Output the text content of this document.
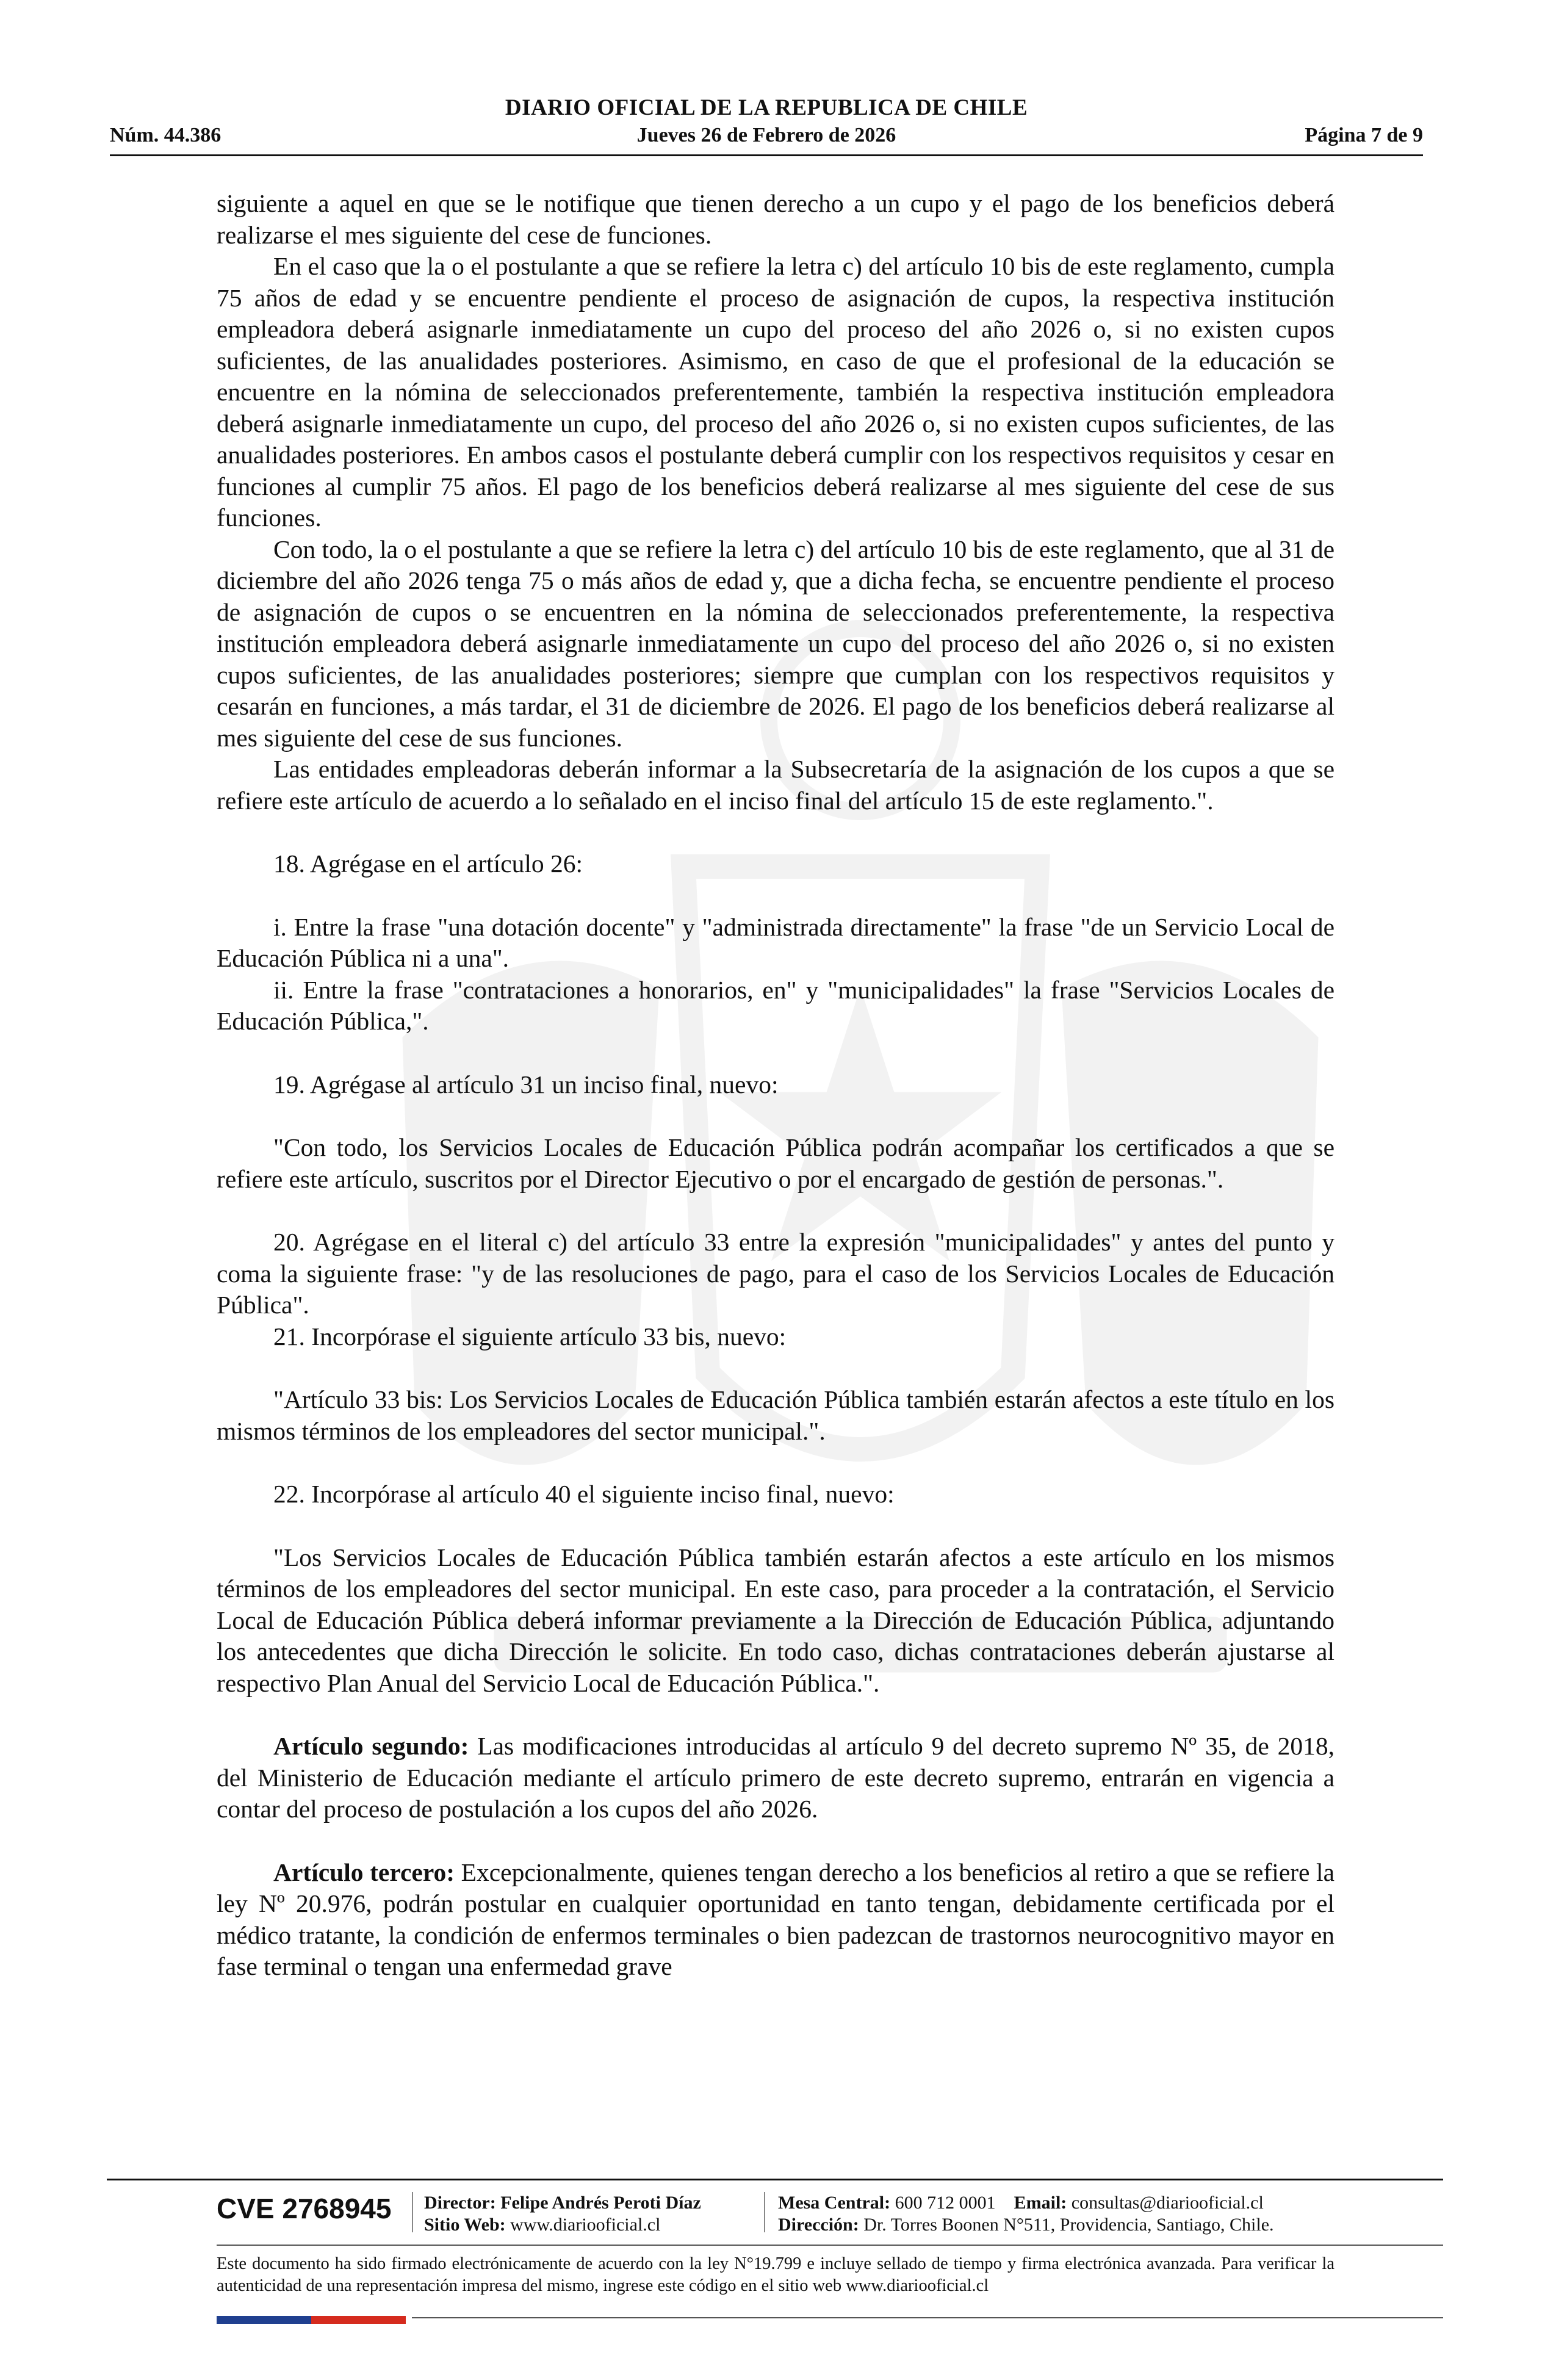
DIARIO OFICIAL DE LA REPUBLICA DE CHILE
Núm. 44.386	Jueves 26 de Febrero de 2026	Página 7 de 9

siguiente a aquel en que se le notifique que tienen derecho a un cupo y el pago de los beneficios deberá realizarse el mes siguiente del cese de funciones.

En el caso que la o el postulante a que se refiere la letra c) del artículo 10 bis de este reglamento, cumpla 75 años de edad y se encuentre pendiente el proceso de asignación de cupos, la respectiva institución empleadora deberá asignarle inmediatamente un cupo del proceso del año 2026 o, si no existen cupos suficientes, de las anualidades posteriores. Asimismo, en caso de que el profesional de la educación se encuentre en la nómina de seleccionados preferentemente, también la respectiva institución empleadora deberá asignarle inmediatamente un cupo, del proceso del año 2026 o, si no existen cupos suficientes, de las anualidades posteriores. En ambos casos el postulante deberá cumplir con los respectivos requisitos y cesar en funciones al cumplir 75 años. El pago de los beneficios deberá realizarse al mes siguiente del cese de sus funciones.

Con todo, la o el postulante a que se refiere la letra c) del artículo 10 bis de este reglamento, que al 31 de diciembre del año 2026 tenga 75 o más años de edad y, que a dicha fecha, se encuentre pendiente el proceso de asignación de cupos o se encuentren en la nómina de seleccionados preferentemente, la respectiva institución empleadora deberá asignarle inmediatamente un cupo del proceso del año 2026 o, si no existen cupos suficientes, de las anualidades posteriores; siempre que cumplan con los respectivos requisitos y cesarán en funciones, a más tardar, el 31 de diciembre de 2026. El pago de los beneficios deberá realizarse al mes siguiente del cese de sus funciones.

Las entidades empleadoras deberán informar a la Subsecretaría de la asignación de los cupos a que se refiere este artículo de acuerdo a lo señalado en el inciso final del artículo 15 de este reglamento.".

18. Agrégase en el artículo 26:

i. Entre la frase "una dotación docente" y "administrada directamente" la frase "de un Servicio Local de Educación Pública ni a una".

ii. Entre la frase "contrataciones a honorarios, en" y "municipalidades" la frase "Servicios Locales de Educación Pública,".

19. Agrégase al artículo 31 un inciso final, nuevo:

"Con todo, los Servicios Locales de Educación Pública podrán acompañar los certificados a que se refiere este artículo, suscritos por el Director Ejecutivo o por el encargado de gestión de personas.".

20. Agrégase en el literal c) del artículo 33 entre la expresión "municipalidades" y antes del punto y coma la siguiente frase: "y de las resoluciones de pago, para el caso de los Servicios Locales de Educación Pública".

21. Incorpórase el siguiente artículo 33 bis, nuevo:

"Artículo 33 bis: Los Servicios Locales de Educación Pública también estarán afectos a este título en los mismos términos de los empleadores del sector municipal.".

22. Incorpórase al artículo 40 el siguiente inciso final, nuevo:

"Los Servicios Locales de Educación Pública también estarán afectos a este artículo en los mismos términos de los empleadores del sector municipal. En este caso, para proceder a la contratación, el Servicio Local de Educación Pública deberá informar previamente a la Dirección de Educación Pública, adjuntando los antecedentes que dicha Dirección le solicite. En todo caso, dichas contrataciones deberán ajustarse al respectivo Plan Anual del Servicio Local de Educación Pública.".

Artículo segundo: Las modificaciones introducidas al artículo 9 del decreto supremo Nº 35, de 2018, del Ministerio de Educación mediante el artículo primero de este decreto supremo, entrarán en vigencia a contar del proceso de postulación a los cupos del año 2026.

Artículo tercero: Excepcionalmente, quienes tengan derecho a los beneficios al retiro a que se refiere la ley Nº 20.976, podrán postular en cualquier oportunidad en tanto tengan, debidamente certificada por el médico tratante, la condición de enfermos terminales o bien padezcan de trastornos neurocognitivo mayor en fase terminal o tengan una enfermedad grave

CVE 2768945 Director: Felipe Andrés Peroti Díaz
Sitio Web: www.diariooficial.cl
Mesa Central: 600 712 0001 Email: consultas@diariooficial.cl
Dirección: Dr. Torres Boonen N°511, Providencia, Santiago, Chile.
Este documento ha sido firmado electrónicamente de acuerdo con la ley N°19.799 e incluye sellado de tiempo y firma electrónica avanzada. Para verificar la autenticidad de una representación impresa del mismo, ingrese este código en el sitio web www.diariooficial.cl
